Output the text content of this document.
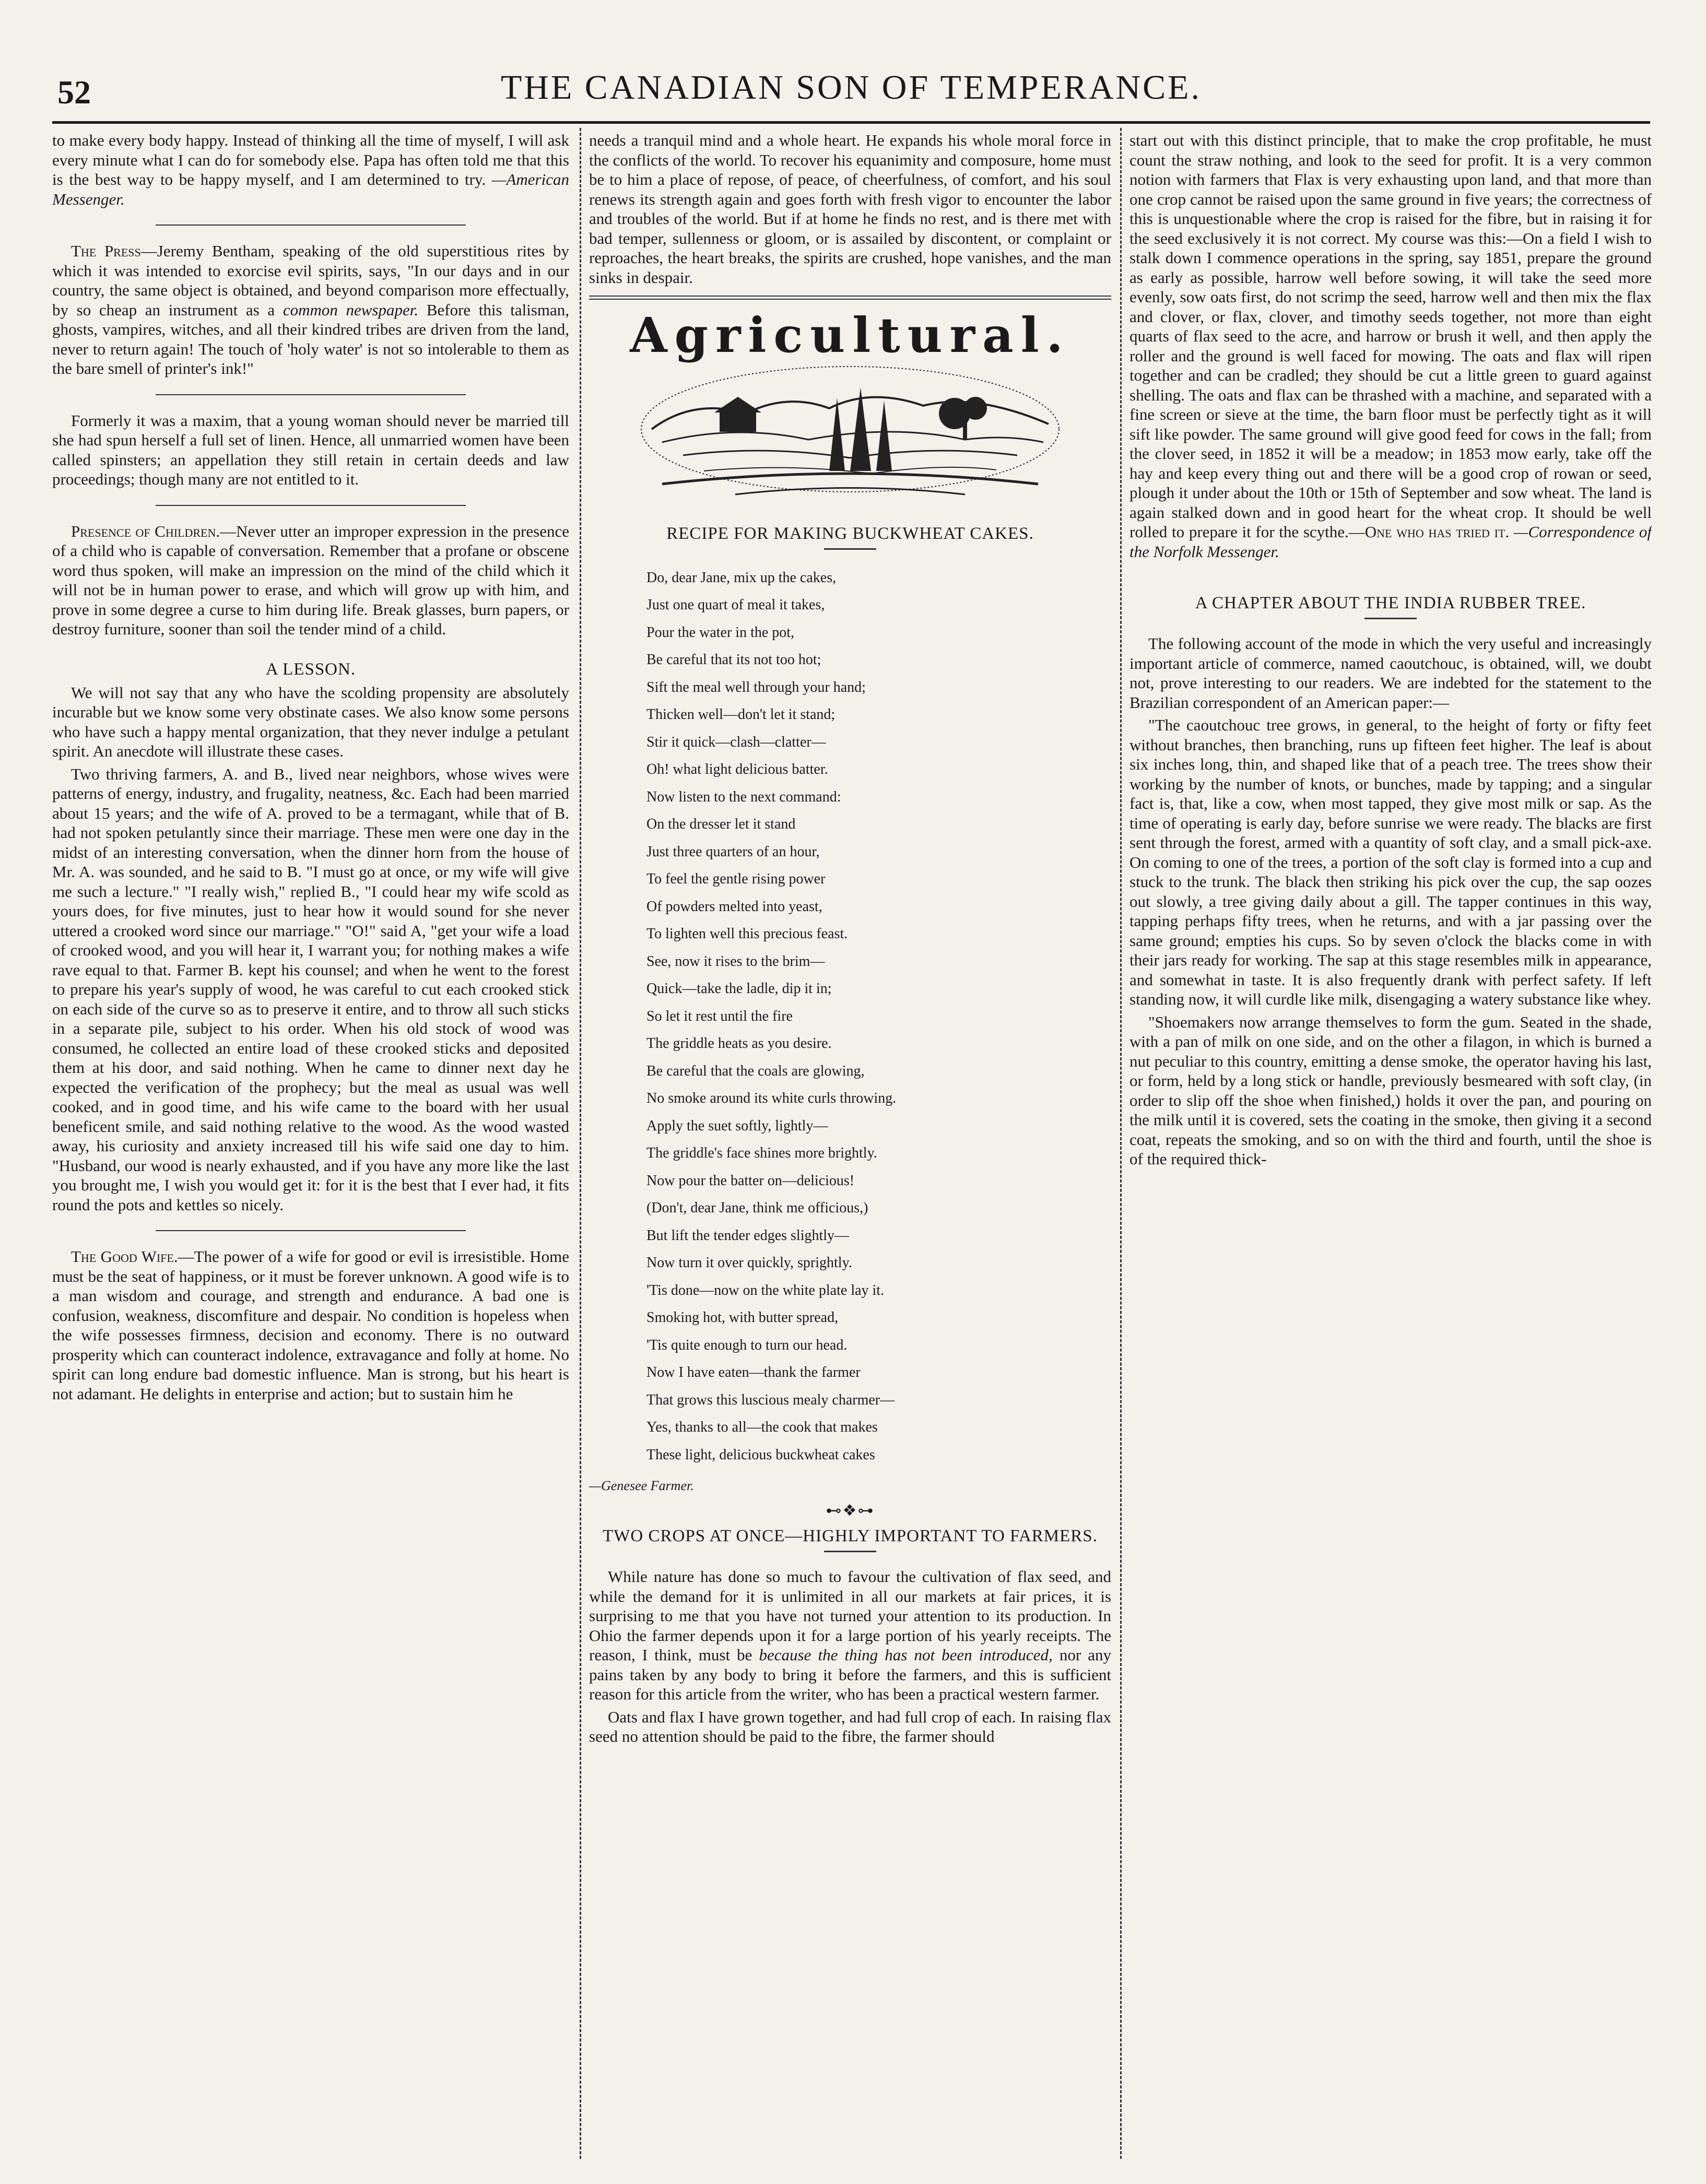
52	THE CANADIAN SON OF TEMPERANCE.

to make every body happy. Instead of thinking all the time of myself, I will ask every minute what I can do for somebody else. Papa has often told me that this is the best way to be happy myself, and I am determined to try. —American Messenger.

The Press—Jeremy Bentham, speaking of the old superstitious rites by which it was intended to exorcise evil spirits, says, "In our days and in our country, the same object is obtained, and beyond comparison more effectually, by so cheap an instrument as a common newspaper. Before this talisman, ghosts, vampires, witches, and all their kindred tribes are driven from the land, never to return again! The touch of 'holy water' is not so intolerable to them as the bare smell of printer's ink!"

Formerly it was a maxim, that a young woman should never be married till she had spun herself a full set of linen. Hence, all unmarried women have been called spinsters; an appellation they still retain in certain deeds and law proceedings; though many are not entitled to it.

Presence of Children.—Never utter an improper expression in the presence of a child who is capable of conversation. Remember that a profane or obscene word thus spoken, will make an impression on the mind of the child which it will not be in human power to erase, and which will grow up with him, and prove in some degree a curse to him during life. Break glasses, burn papers, or destroy furniture, sooner than soil the tender mind of a child.

A LESSON.

We will not say that any who have the scolding propensity are absolutely incurable but we know some very obstinate cases. We also know some persons who have such a happy mental organization, that they never indulge a petulant spirit. An anecdote will illustrate these cases.

Two thriving farmers, A. and B., lived near neighbors, whose wives were patterns of energy, industry, and frugality, neatness, &c. Each had been married about 15 years; and the wife of A. proved to be a termagant, while that of B. had not spoken petulantly since their marriage. These men were one day in the midst of an interesting conversation, when the dinner horn from the house of Mr. A. was sounded, and he said to B. "I must go at once, or my wife will give me such a lecture." "I really wish," replied B., "I could hear my wife scold as yours does, for five minutes, just to hear how it would sound for she never uttered a crooked word since our marriage." "O!" said A, "get your wife a load of crooked wood, and you will hear it, I warrant you; for nothing makes a wife rave equal to that. Farmer B. kept his counsel; and when he went to the forest to prepare his year's supply of wood, he was careful to cut each crooked stick on each side of the curve so as to preserve it entire, and to throw all such sticks in a separate pile, subject to his order. When his old stock of wood was consumed, he collected an entire load of these crooked sticks and deposited them at his door, and said nothing. When he came to dinner next day he expected the verification of the prophecy; but the meal as usual was well cooked, and in good time, and his wife came to the board with her usual beneficent smile, and said nothing relative to the wood. As the wood wasted away, his curiosity and anxiety increased till his wife said one day to him. "Husband, our wood is nearly exhausted, and if you have any more like the last you brought me, I wish you would get it: for it is the best that I ever had, it fits round the pots and kettles so nicely.

The Good Wife.—The power of a wife for good or evil is irresistible. Home must be the seat of happiness, or it must be forever unknown. A good wife is to a man wisdom and courage, and strength and endurance. A bad one is confusion, weakness, discomfiture and despair. No condition is hopeless when the wife possesses firmness, decision and economy. There is no outward prosperity which can counteract indolence, extravagance and folly at home. No spirit can long endure bad domestic influence. Man is strong, but his heart is not adamant. He delights in enterprise and action; but to sustain him he

needs a tranquil mind and a whole heart. He expands his whole moral force in the conflicts of the world. To recover his equanimity and composure, home must be to him a place of repose, of peace, of cheerfulness, of comfort, and his soul renews its strength again and goes forth with fresh vigor to encounter the labor and troubles of the world. But if at home he finds no rest, and is there met with bad temper, sullenness or gloom, or is assailed by discontent, or complaint or reproaches, the heart breaks, the spirits are crushed, hope vanishes, and the man sinks in despair.

Agricultural.
RECIPE FOR MAKING BUCKWHEAT CAKES.
Do, dear Jane, mix up the cakes,
Just one quart of meal it takes,
Pour the water in the pot,
Be careful that its not too hot;
Sift the meal well through your hand;
Thicken well—don't let it stand;
Stir it quick—clash—clatter—
Oh! what light delicious batter.
Now listen to the next command:
On the dresser let it stand
Just three quarters of an hour,
To feel the gentle rising power
Of powders melted into yeast,
To lighten well this precious feast.
See, now it rises to the brim—
Quick—take the ladle, dip it in;
So let it rest until the fire
The griddle heats as you desire.
Be careful that the coals are glowing,
No smoke around its white curls throwing.
Apply the suet softly, lightly—
The griddle's face shines more brightly.
Now pour the batter on—delicious!
(Don't, dear Jane, think me officious,)
But lift the tender edges slightly—
Now turn it over quickly, sprightly.
'Tis done—now on the white plate lay it.
Smoking hot, with butter spread,
'Tis quite enough to turn our head.
Now I have eaten—thank the farmer
That grows this luscious mealy charmer—
Yes, thanks to all—the cook that makes
These light, delicious buckwheat cakes
—Genesee Farmer.
⊷❖⊶
TWO CROPS AT ONCE—HIGHLY IMPORTANT TO FARMERS.

While nature has done so much to favour the cultivation of flax seed, and while the demand for it is unlimited in all our markets at fair prices, it is surprising to me that you have not turned your attention to its production. In Ohio the farmer depends upon it for a large portion of his yearly receipts. The reason, I think, must be because the thing has not been introduced, nor any pains taken by any body to bring it before the farmers, and this is sufficient reason for this article from the writer, who has been a practical western farmer.

Oats and flax I have grown together, and had full crop of each. In raising flax seed no attention should be paid to the fibre, the farmer should

start out with this distinct principle, that to make the crop profitable, he must count the straw nothing, and look to the seed for profit. It is a very common notion with farmers that Flax is very exhausting upon land, and that more than one crop cannot be raised upon the same ground in five years; the correctness of this is unquestionable where the crop is raised for the fibre, but in raising it for the seed exclusively it is not correct. My course was this:—On a field I wish to stalk down I commence operations in the spring, say 1851, prepare the ground as early as possible, harrow well before sowing, it will take the seed more evenly, sow oats first, do not scrimp the seed, harrow well and then mix the flax and clover, or flax, clover, and timothy seeds together, not more than eight quarts of flax seed to the acre, and harrow or brush it well, and then apply the roller and the ground is well faced for mowing. The oats and flax will ripen together and can be cradled; they should be cut a little green to guard against shelling. The oats and flax can be thrashed with a machine, and separated with a fine screen or sieve at the time, the barn floor must be perfectly tight as it will sift like powder. The same ground will give good feed for cows in the fall; from the clover seed, in 1852 it will be a meadow; in 1853 mow early, take off the hay and keep every thing out and there will be a good crop of rowan or seed, plough it under about the 10th or 15th of September and sow wheat. The land is again stalked down and in good heart for the wheat crop. It should be well rolled to prepare it for the scythe.—One who has tried it. —Correspondence of the Norfolk Messenger.

A CHAPTER ABOUT THE INDIA RUBBER TREE.

The following account of the mode in which the very useful and increasingly important article of commerce, named caoutchouc, is obtained, will, we doubt not, prove interesting to our readers. We are indebted for the statement to the Brazilian correspondent of an American paper:—

"The caoutchouc tree grows, in general, to the height of forty or fifty feet without branches, then branching, runs up fifteen feet higher. The leaf is about six inches long, thin, and shaped like that of a peach tree. The trees show their working by the number of knots, or bunches, made by tapping; and a singular fact is, that, like a cow, when most tapped, they give most milk or sap. As the time of operating is early day, before sunrise we were ready. The blacks are first sent through the forest, armed with a quantity of soft clay, and a small pick-axe. On coming to one of the trees, a portion of the soft clay is formed into a cup and stuck to the trunk. The black then striking his pick over the cup, the sap oozes out slowly, a tree giving daily about a gill. The tapper continues in this way, tapping perhaps fifty trees, when he returns, and with a jar passing over the same ground; empties his cups. So by seven o'clock the blacks come in with their jars ready for working. The sap at this stage resembles milk in appearance, and somewhat in taste. It is also frequently drank with perfect safety. If left standing now, it will curdle like milk, disengaging a watery substance like whey.

"Shoemakers now arrange themselves to form the gum. Seated in the shade, with a pan of milk on one side, and on the other a filagon, in which is burned a nut peculiar to this country, emitting a dense smoke, the operator having his last, or form, held by a long stick or handle, previously besmeared with soft clay, (in order to slip off the shoe when finished,) holds it over the pan, and pouring on the milk until it is covered, sets the coating in the smoke, then giving it a second coat, repeats the smoking, and so on with the third and fourth, until the shoe is of the required thick-
